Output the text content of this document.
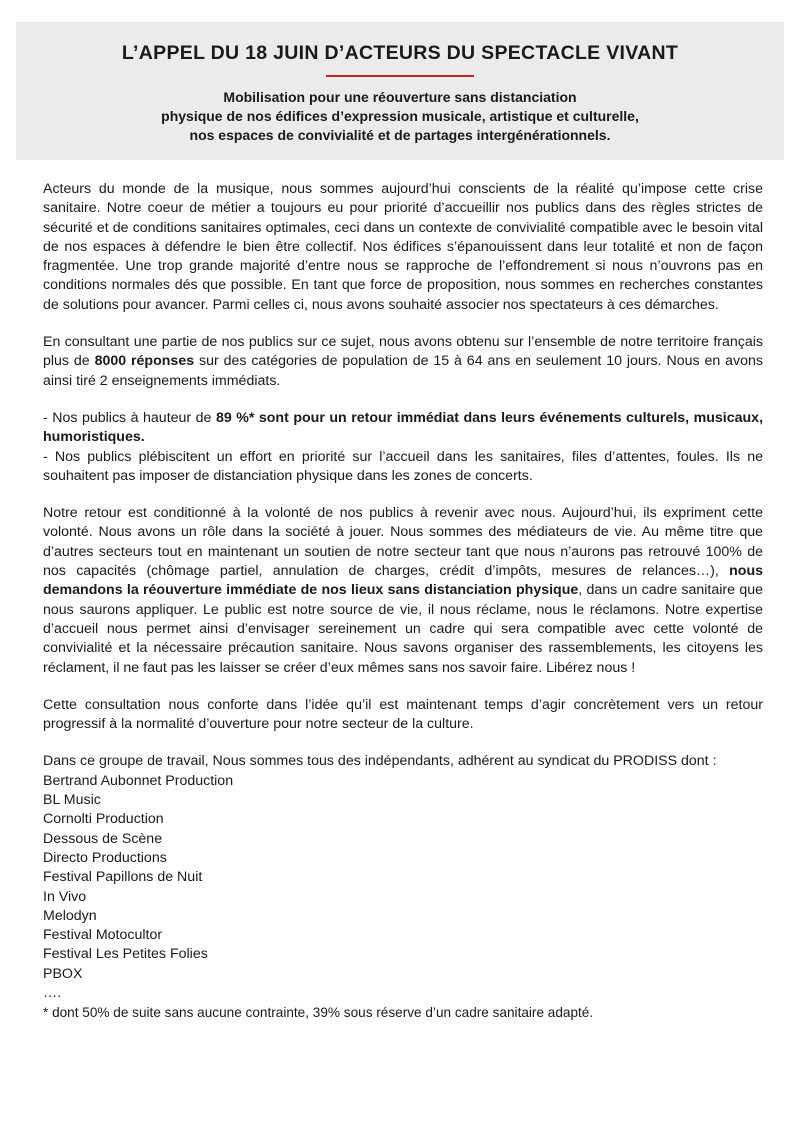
L’APPEL DU 18 JUIN D’ACTEURS DU SPECTACLE VIVANT
Mobilisation pour une réouverture sans distanciation
physique de nos édifices d’expression musicale, artistique et culturelle,
nos espaces de convivialité et de partages intergénérationnels.

Acteurs du monde de la musique, nous sommes aujourd’hui conscients de la réalité qu’impose cette crise sanitaire. Notre coeur de métier a toujours eu pour priorité d’accueillir nos publics dans des règles strictes de sécurité et de conditions sanitaires optimales, ceci dans un contexte de convivialité compatible avec le besoin vital de nos espaces à défendre le bien être collectif. Nos édifices s’épanouissent dans leur totalité et non de façon fragmentée. Une trop grande majorité d’entre nous se rapproche de l’effondrement si nous n’ouvrons pas en conditions normales dés que possible. En tant que force de proposition, nous sommes en recherches constantes de solutions pour avancer. Parmi celles ci, nous avons souhaité associer nos spectateurs à ces démarches.

En consultant une partie de nos publics sur ce sujet, nous avons obtenu sur l’ensemble de notre territoire français plus de 8000 réponses sur des catégories de population de 15 à 64 ans en seulement 10 jours. Nous en avons ainsi tiré 2 enseignements immédiats.

- Nos publics à hauteur de 89 %* sont pour un retour immédiat dans leurs événements culturels, musicaux, humoristiques.

- Nos publics plébiscitent un effort en priorité sur l’accueil dans les sanitaires, files d’attentes, foules. Ils ne souhaitent pas imposer de distanciation physique dans les zones de concerts.

Notre retour est conditionné à la volonté de nos publics à revenir avec nous. Aujourd’hui, ils expriment cette volonté. Nous avons un rôle dans la société à jouer. Nous sommes des médiateurs de vie. Au même titre que d’autres secteurs tout en maintenant un soutien de notre secteur tant que nous n’aurons pas retrouvé 100% de nos capacités (chômage partiel, annulation de charges, crédit d’impôts, mesures de relances…), nous demandons la réouverture immédiate de nos lieux sans distanciation physique, dans un cadre sanitaire que nous saurons appliquer. Le public est notre source de vie, il nous réclame, nous le réclamons. Notre expertise d’accueil nous permet ainsi d’envisager sereinement un cadre qui sera compatible avec cette volonté de convivialité et la nécessaire précaution sanitaire. Nous savons organiser des rassemblements, les citoyens les réclament, il ne faut pas les laisser se créer d’eux mêmes sans nos savoir faire. Libérez nous !

Cette consultation nous conforte dans l’idée qu’il est maintenant temps d’agir concrètement vers un retour progressif à la normalité d’ouverture pour notre secteur de la culture.

Dans ce groupe de travail, Nous sommes tous des indépendants, adhérent au syndicat du PRODISS dont :

Bertrand Aubonnet Production
BL Music
Cornolti Production
Dessous de Scène
Directo Productions
Festival Papillons de Nuit
In Vivo
Melodyn
Festival Motocultor
Festival Les Petites Folies
PBOX
….

* dont 50% de suite sans aucune contrainte, 39% sous réserve d’un cadre sanitaire adapté.
